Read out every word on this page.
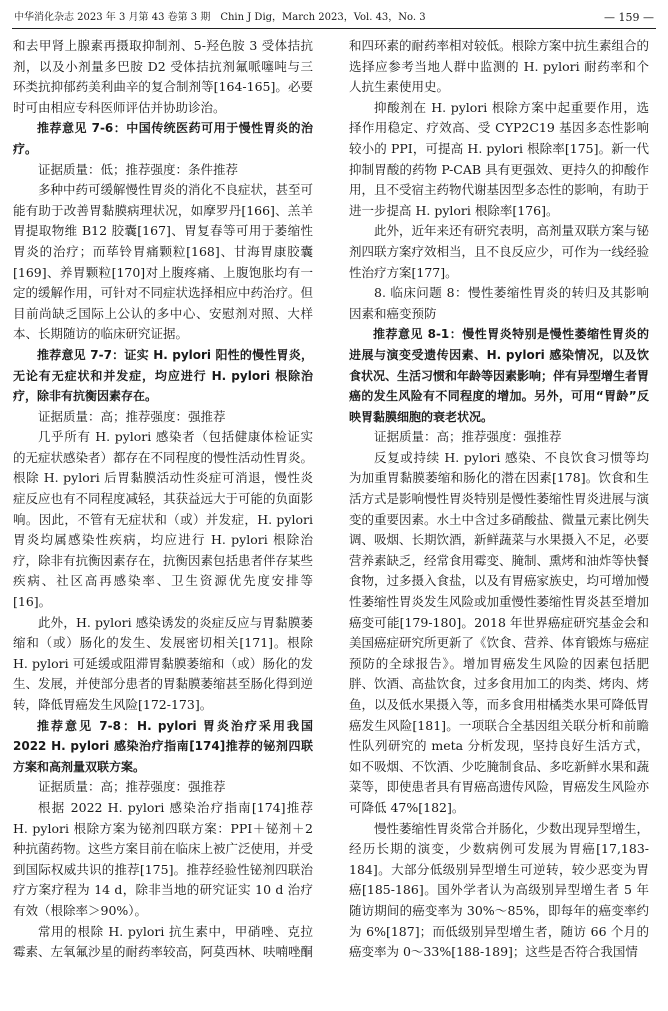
中华消化杂志 2023 年 3 月第 43 卷第 3 期　Chin J Dig，March 2023，Vol. 43，No. 3	— 159 —

和去甲肾上腺素再摄取抑制剂、5-羟色胺 3 受体拮抗剂，以及小剂量多巴胺 D2 受体拮抗剂氟哌噻吨与三环类抗抑郁药美利曲辛的复合制剂等[164-165]。必要时可由相应专科医师评估并协助诊治。

推荐意见 7-6：中国传统医药可用于慢性胃炎的治疗。

证据质量：低；推荐强度：条件推荐

多种中药可缓解慢性胃炎的消化不良症状，甚至可能有助于改善胃黏膜病理状况，如摩罗丹[166]、羔羊胃提取物维 B12 胶囊[167]、胃复春等可用于萎缩性胃炎的治疗；而荜铃胃痛颗粒[168]、甘海胃康胶囊[169]、养胃颗粒[170]对上腹疼痛、上腹饱胀均有一定的缓解作用，可针对不同症状选择相应中药治疗。但目前尚缺乏国际上公认的多中心、安慰剂对照、大样本、长期随访的临床研究证据。

推荐意见 7-7：证实 H. pylori 阳性的慢性胃炎，无论有无症状和并发症，均应进行 H. pylori 根除治疗，除非有抗衡因素存在。

证据质量：高；推荐强度：强推荐

几乎所有 H. pylori 感染者（包括健康体检证实的无症状感染者）都存在不同程度的慢性活动性胃炎。根除 H. pylori 后胃黏膜活动性炎症可消退，慢性炎症反应也有不同程度减轻，其获益远大于可能的负面影响。因此，不管有无症状和（或）并发症，H. pylori 胃炎均属感染性疾病，均应进行 H. pylori 根除治疗，除非有抗衡因素存在，抗衡因素包括患者伴存某些疾病、社区高再感染率、卫生资源优先度安排等[16]。

此外，H. pylori 感染诱发的炎症反应与胃黏膜萎缩和（或）肠化的发生、发展密切相关[171]。根除 H. pylori 可延缓或阻滞胃黏膜萎缩和（或）肠化的发生、发展，并使部分患者的胃黏膜萎缩甚至肠化得到逆转，降低胃癌发生风险[172-173]。

推荐意见 7-8：H. pylori 胃炎治疗采用我国 2022 H. pylori 感染治疗指南[174]推荐的铋剂四联方案和高剂量双联方案。

证据质量：高；推荐强度：强推荐

根据 2022 H. pylori 感染治疗指南[174]推荐 H. pylori 根除方案为铋剂四联方案：PPI＋铋剂＋2 种抗菌药物。这些方案目前在临床上被广泛使用，并受到国际权威共识的推荐[175]。推荐经验性铋剂四联治疗方案疗程为 14 d，除非当地的研究证实 10 d 治疗有效（根除率＞90%）。

常用的根除 H. pylori 抗生素中，甲硝唑、克拉霉素、左氧氟沙星的耐药率较高，阿莫西林、呋喃唑酮

和四环素的耐药率相对较低。根除方案中抗生素组合的选择应参考当地人群中监测的 H. pylori 耐药率和个人抗生素使用史。

抑酸剂在 H. pylori 根除方案中起重要作用，选择作用稳定、疗效高、受 CYP2C19 基因多态性影响较小的 PPI，可提高 H. pylori 根除率[175]。新一代抑制胃酸的药物 P-CAB 具有更强效、更持久的抑酸作用，且不受宿主药物代谢基因型多态性的影响，有助于进一步提高 H. pylori 根除率[176]。

此外，近年来还有研究表明，高剂量双联方案与铋剂四联方案疗效相当，且不良反应少，可作为一线经验性治疗方案[177]。

8. 临床问题 8：慢性萎缩性胃炎的转归及其影响因素和癌变预防

推荐意见 8-1：慢性胃炎特别是慢性萎缩性胃炎的进展与演变受遗传因素、H. pylori 感染情况，以及饮食状况、生活习惯和年龄等因素影响；伴有异型增生者胃癌的发生风险有不同程度的增加。另外，可用“胃龄”反映胃黏膜细胞的衰老状况。

证据质量：高；推荐强度：强推荐

反复或持续 H. pylori 感染、不良饮食习惯等均为加重胃黏膜萎缩和肠化的潜在因素[178]。饮食和生活方式是影响慢性胃炎特别是慢性萎缩性胃炎进展与演变的重要因素。水土中含过多硝酸盐、微量元素比例失调、吸烟、长期饮酒，新鲜蔬菜与水果摄入不足，必要营养素缺乏，经常食用霉变、腌制、熏烤和油炸等快餐食物，过多摄入食盐，以及有胃癌家族史，均可增加慢性萎缩性胃炎发生风险或加重慢性萎缩性胃炎甚至增加癌变可能[179-180]。2018 年世界癌症研究基金会和美国癌症研究所更新了《饮食、营养、体育锻炼与癌症预防的全球报告》。增加胃癌发生风险的因素包括肥胖、饮酒、高盐饮食，过多食用加工的肉类、烤肉、烤鱼，以及低水果摄入等，而多食用柑橘类水果可降低胃癌发生风险[181]。一项联合全基因组关联分析和前瞻性队列研究的 meta 分析发现，坚持良好生活方式，如不吸烟、不饮酒、少吃腌制食品、多吃新鲜水果和蔬菜等，即使患者具有胃癌高遗传风险，胃癌发生风险亦可降低 47%[182]。

慢性萎缩性胃炎常合并肠化，少数出现异型增生，经历长期的演变，少数病例可发展为胃癌[17,183-184]。大部分低级别异型增生可逆转，较少恶变为胃癌[185-186]。国外学者认为高级别异型增生者 5 年随访期间的癌变率为 30%～85%，即每年的癌变率约为 6%[187]；而低级别异型增生者，随访 66 个月的癌变率为 0～33%[188-189]；这些是否符合我国情
